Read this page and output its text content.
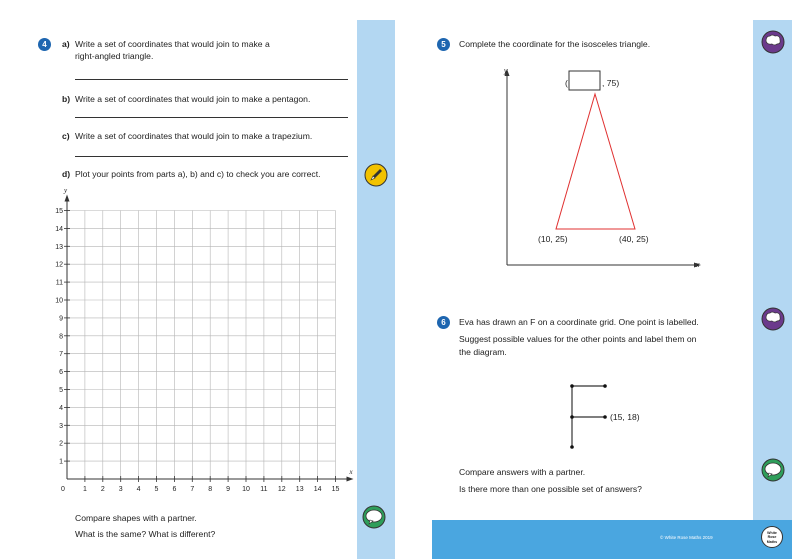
© White Rose Maths 2019
White
Rose
Maths
4	a) Write a set of coordinates that would join to make a
right-angled triangle.
b) Write a set of coordinates that would join to make a pentagon.
c) Write a set of coordinates that would join to make a trapezium.
d) Plot your points from parts a), b) and c) to check you are correct.
1 2 3 4 5 6 7 8 9 10 11 12 13 14 15
1
2
3
4
5
6
7
8
9
10
11
12
13
14
15
0
x
y
Compare shapes with a partner.
What is the same? What is different?
5	Complete the coordinate for the isosceles triangle.
y
x
(	, 75)
(10, 25)	(40, 25)
6	Eva has drawn an F on a coordinate grid. One point is labelled.
Suggest possible values for the other points and label them on
the diagram.
(15, 18)
Compare answers with a partner.
Is there more than one possible set of answers?
